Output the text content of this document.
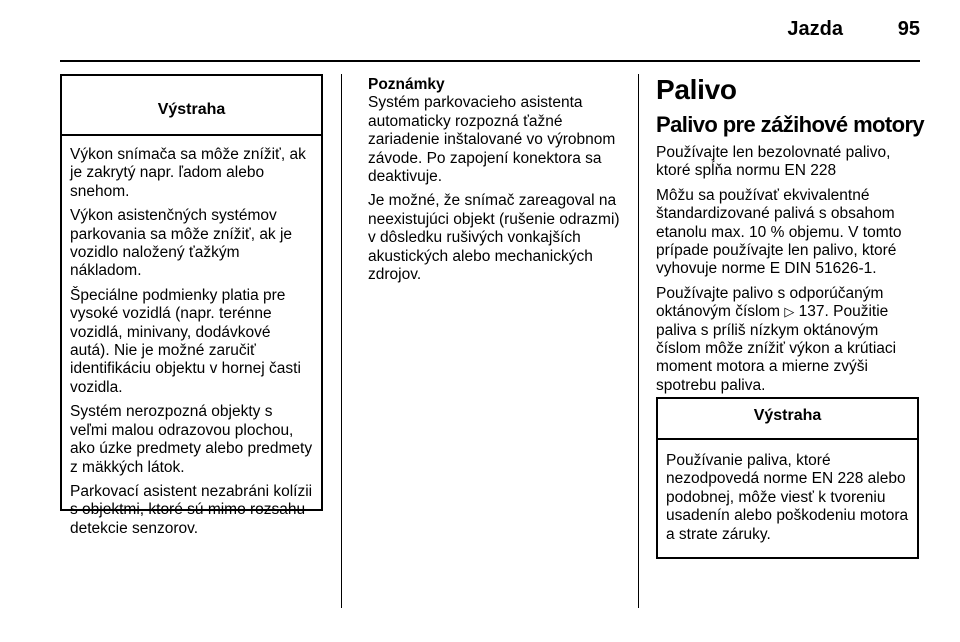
Jazda	95
Výstraha

Výkon snímača sa môže znížiť, ak je zakrytý napr. ľadom alebo snehom.

Výkon asistenčných systémov parkovania sa môže znížiť, ak je vozidlo naložený ťažkým nákladom.

Špeciálne podmienky platia pre vysoké vozidlá (napr. terénne vozidlá, minivany, dodávkové autá). Nie je možné zaručiť identifikáciu objektu v hornej časti vozidla.

Systém nerozpozná objekty s veľmi malou odrazovou plochou, ako úzke predmety alebo predmety z mäkkých látok.

Parkovací asistent nezabráni kolízii s objektmi, ktoré sú mimo rozsahu detekcie senzorov.

Poznámky

Systém parkovacieho asistenta automaticky rozpozná ťažné zariadenie inštalované vo výrobnom závode. Po zapojení konektora sa deaktivuje.

Je možné, že snímač zareagoval na neexistujúci objekt (rušenie odrazmi) v dôsledku rušivých vonkajších akustických alebo mechanických zdrojov.

Palivo
Palivo pre zážihové motory

Používajte len bezolovnaté palivo, ktoré spĺňa normu EN 228

Môžu sa používať ekvivalentné štandardizované palivá s obsahom etanolu max. 10 % objemu. V tomto prípade používajte len palivo, ktoré vyhovuje norme E DIN 51626-1.

Používajte palivo s odporúčaným oktánovým číslom ▷ 137. Použitie paliva s príliš nízkym oktánovým číslom môže znížiť výkon a krútiaci moment motora a mierne zvýši spotrebu paliva.

Výstraha

Používanie paliva, ktoré nezodpovedá norme EN 228 alebo podobnej, môže viesť k tvoreniu usadenín alebo poškodeniu motora a strate záruky.
